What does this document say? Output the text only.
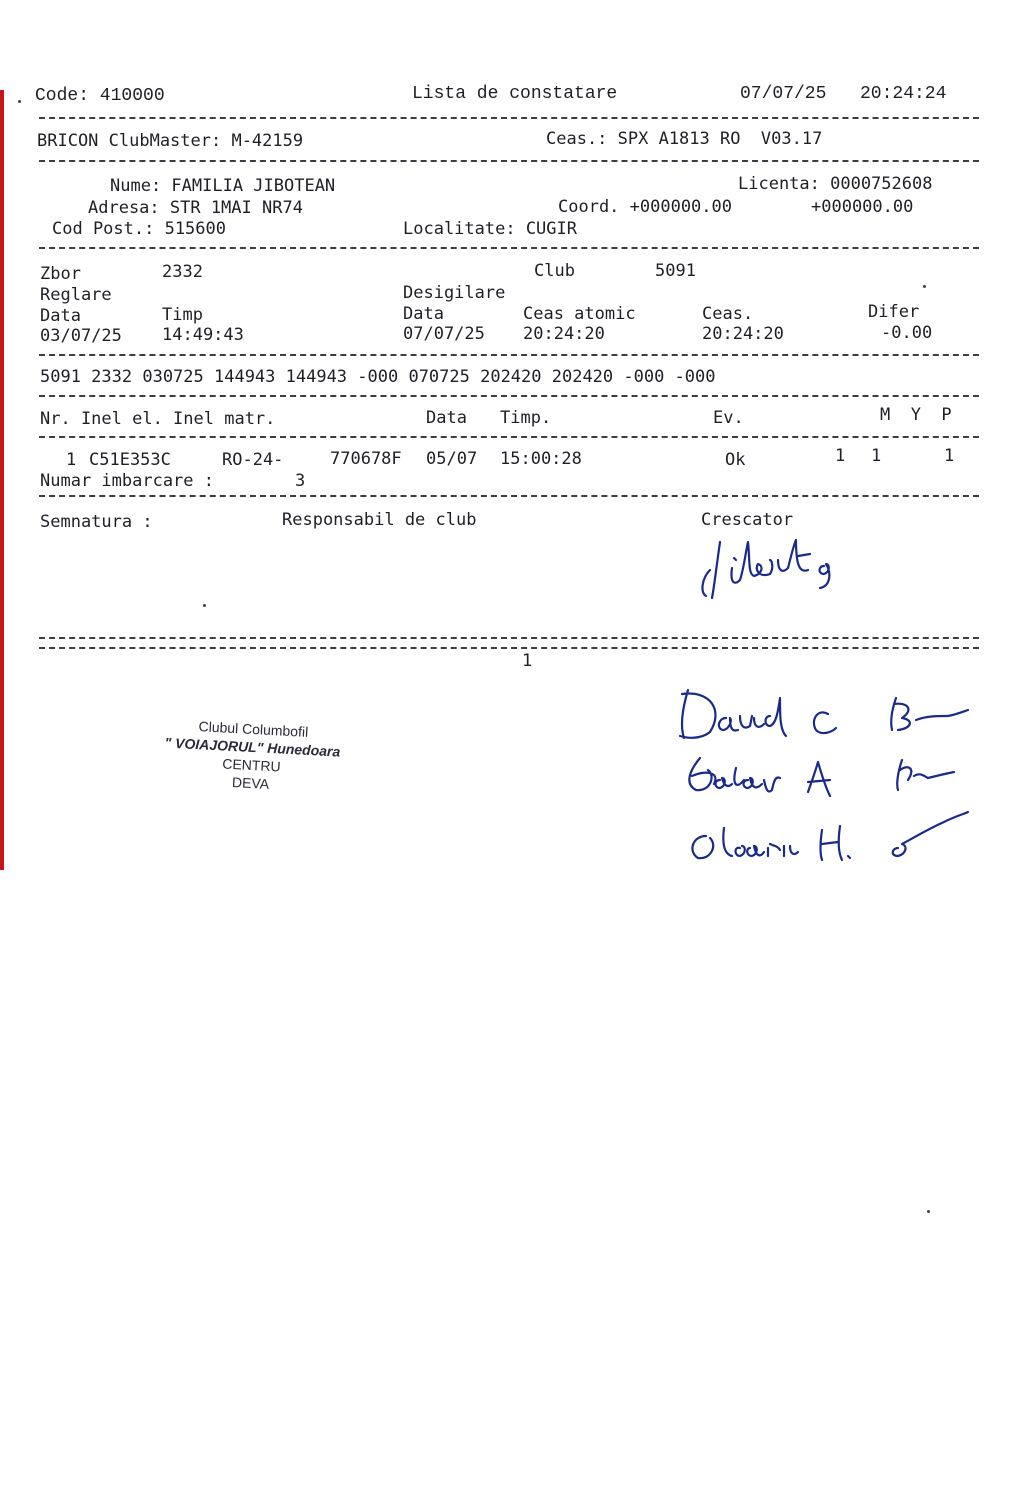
Code: 410000	Lista de constatare	07/07/25 20:24:24
BRICON ClubMaster: M-42159	Ceas.: SPX A1813 RO  V03.17
Nume: FAMILIA JIBOTEAN	Licenta: 0000752608
Adresa: STR 1MAI NR74	Coord. +000000.00	+000000.00
Cod Post.: 515600	Localitate: CUGIR
Zbor	2332	Club	5091
Reglare	Desigilare
Data	Timp	Data	Ceas atomic	Ceas.	Difer
03/07/25 14:49:43	07/07/25 20:24:20	20:24:20	-0.00
5091 2332 030725 144943 144943 -000 070725 202420 202420 -000 -000
Nr. Inel el. Inel matr.	Data Timp.	Ev.	M  Y  P
1 C51E353C	RO-24-	770678F 05/07 15:00:28	Ok	1 1	1
Numar imbarcare :	3
Semnatura :	Responsabil de club	Crescator
1
Clubul Columbofil
" VOIAJORUL" Hunedoara
CENTRU
DEVA
